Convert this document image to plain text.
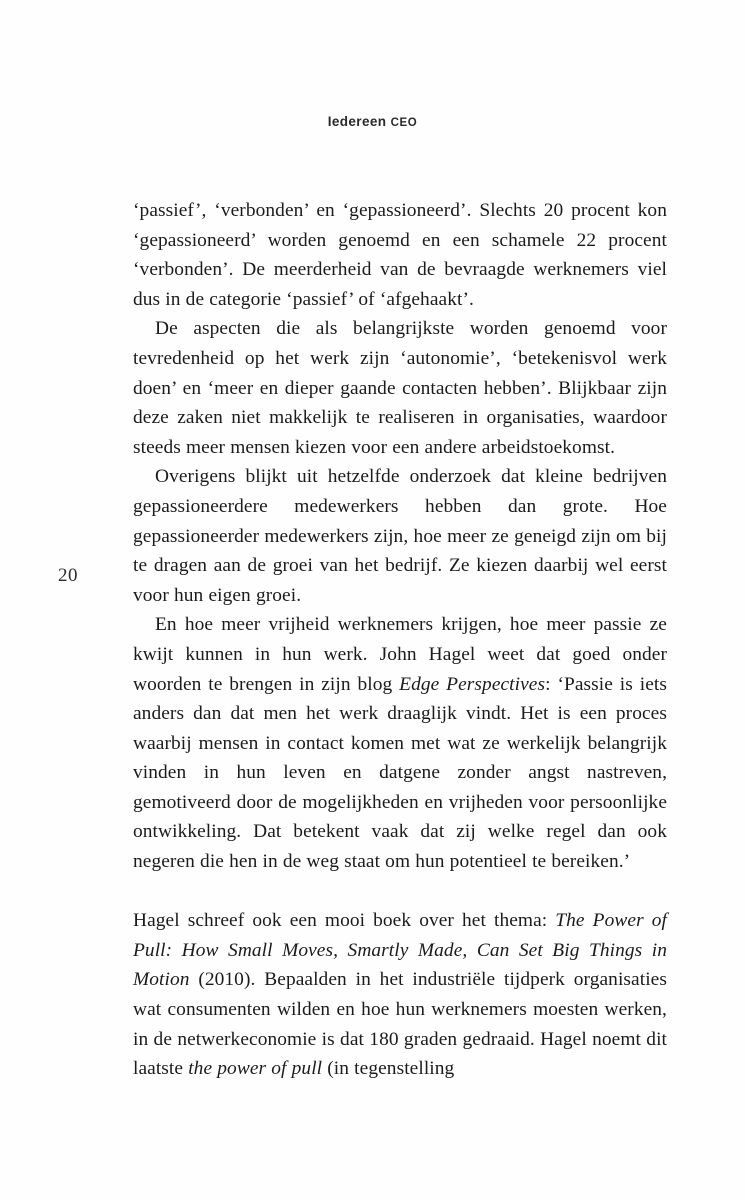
Iedereen CEO
20

‘passief’, ‘verbonden’ en ‘gepassioneerd’. Slechts 20 procent kon ‘gepassioneerd’ worden genoemd en een schamele 22 procent ‘verbonden’. De meerderheid van de bevraagde werknemers viel dus in de categorie ‘passief’ of ‘afgehaakt’.

De aspecten die als belangrijkste worden genoemd voor tevredenheid op het werk zijn ‘autonomie’, ‘betekenisvol werk doen’ en ‘meer en dieper gaande contacten hebben’. Blijkbaar zijn deze zaken niet makkelijk te realiseren in organisaties, waardoor steeds meer mensen kiezen voor een andere arbeidstoekomst.

Overigens blijkt uit hetzelfde onderzoek dat kleine bedrijven gepassioneerdere medewerkers hebben dan grote. Hoe gepassioneerder medewerkers zijn, hoe meer ze geneigd zijn om bij te dragen aan de groei van het bedrijf. Ze kiezen daarbij wel eerst voor hun eigen groei.

En hoe meer vrijheid werknemers krijgen, hoe meer passie ze kwijt kunnen in hun werk. John Hagel weet dat goed onder woorden te brengen in zijn blog Edge Perspectives: ‘Passie is iets anders dan dat men het werk draaglijk vindt. Het is een proces waarbij mensen in contact komen met wat ze werkelijk belangrijk vinden in hun leven en datgene zonder angst nastreven, gemotiveerd door de mogelijkheden en vrijheden voor persoonlijke ontwikkeling. Dat betekent vaak dat zij welke regel dan ook negeren die hen in de weg staat om hun potentieel te bereiken.’

Hagel schreef ook een mooi boek over het thema: The Power of Pull: How Small Moves, Smartly Made, Can Set Big Things in Motion (2010). Bepaalden in het industriële tijdperk organisaties wat consumenten wilden en hoe hun werknemers moesten werken, in de netwerkeconomie is dat 180 graden gedraaid. Hagel noemt dit laatste the power of pull (in tegenstelling
